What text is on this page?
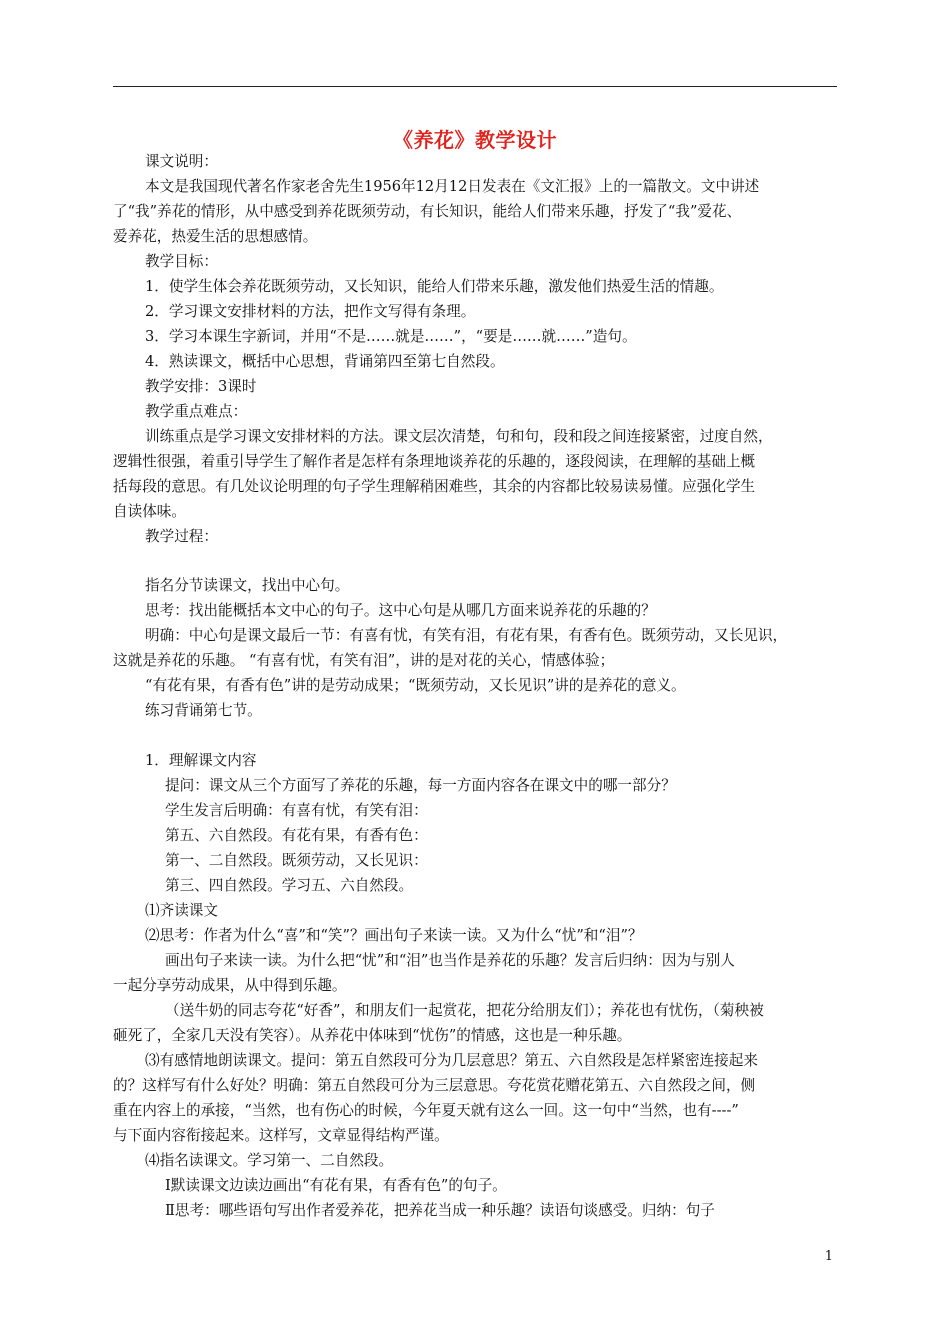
《养花》教学设计
课文说明：
本文是我国现代著名作家老舍先生1956年12月12日发表在《文汇报》上的一篇散文。文中讲述
了“我”养花的情形，从中感受到养花既须劳动，有长知识，能给人们带来乐趣，抒发了“我”爱花、
爱养花，热爱生活的思想感情。
教学目标：
1．使学生体会养花既须劳动，又长知识，能给人们带来乐趣，激发他们热爱生活的情趣。
2．学习课文安排材料的方法，把作文写得有条理。
3．学习本课生字新词，并用“不是……就是……”，“要是……就……”造句。
4．熟读课文，概括中心思想，背诵第四至第七自然段。
教学安排：3课时
教学重点难点：
训练重点是学习课文安排材料的方法。课文层次清楚，句和句，段和段之间连接紧密，过度自然，
逻辑性很强，着重引导学生了解作者是怎样有条理地谈养花的乐趣的，逐段阅读，在理解的基础上概
括每段的意思。有几处议论明理的句子学生理解稍困难些，其余的内容都比较易读易懂。应强化学生
自读体味。
教学过程：
指名分节读课文，找出中心句。
思考：找出能概括本文中心的句子。这中心句是从哪几方面来说养花的乐趣的？
明确：中心句是课文最后一节：有喜有忧，有笑有泪，有花有果，有香有色。既须劳动，又长见识，
这就是养花的乐趣。 “有喜有忧，有笑有泪”，讲的是对花的关心，情感体验；
“有花有果，有香有色”讲的是劳动成果；“既须劳动，又长见识”讲的是养花的意义。
练习背诵第七节。
1．理解课文内容
提问：课文从三个方面写了养花的乐趣，每一方面内容各在课文中的哪一部分？
学生发言后明确：有喜有忧，有笑有泪：
第五、六自然段。有花有果，有香有色：
第一、二自然段。既须劳动，又长见识：
第三、四自然段。学习五、六自然段。
⑴齐读课文
⑵思考：作者为什么“喜”和“笑”？画出句子来读一读。又为什么“忧”和“泪”？
画出句子来读一读。为什么把“忧”和“泪”也当作是养花的乐趣？发言后归纳：因为与别人
一起分享劳动成果，从中得到乐趣。
（送牛奶的同志夸花“好香”，和朋友们一起赏花，把花分给朋友们）；养花也有忧伤，（菊秧被
砸死了，全家几天没有笑容）。从养花中体味到“忧伤”的情感，这也是一种乐趣。
⑶有感情地朗读课文。提问：第五自然段可分为几层意思？第五、六自然段是怎样紧密连接起来
的？这样写有什么好处？明确：第五自然段可分为三层意思。夸花赏花赠花第五、六自然段之间，侧
重在内容上的承接，“当然，也有伤心的时候，今年夏天就有这么一回。这一句中“当然，也有----”
与下面内容衔接起来。这样写，文章显得结构严谨。
⑷指名读课文。学习第一、二自然段。
Ⅰ默读课文边读边画出“有花有果，有香有色”的句子。
Ⅱ思考：哪些语句写出作者爱养花，把养花当成一种乐趣？读语句谈感受。归纳：句子
1
